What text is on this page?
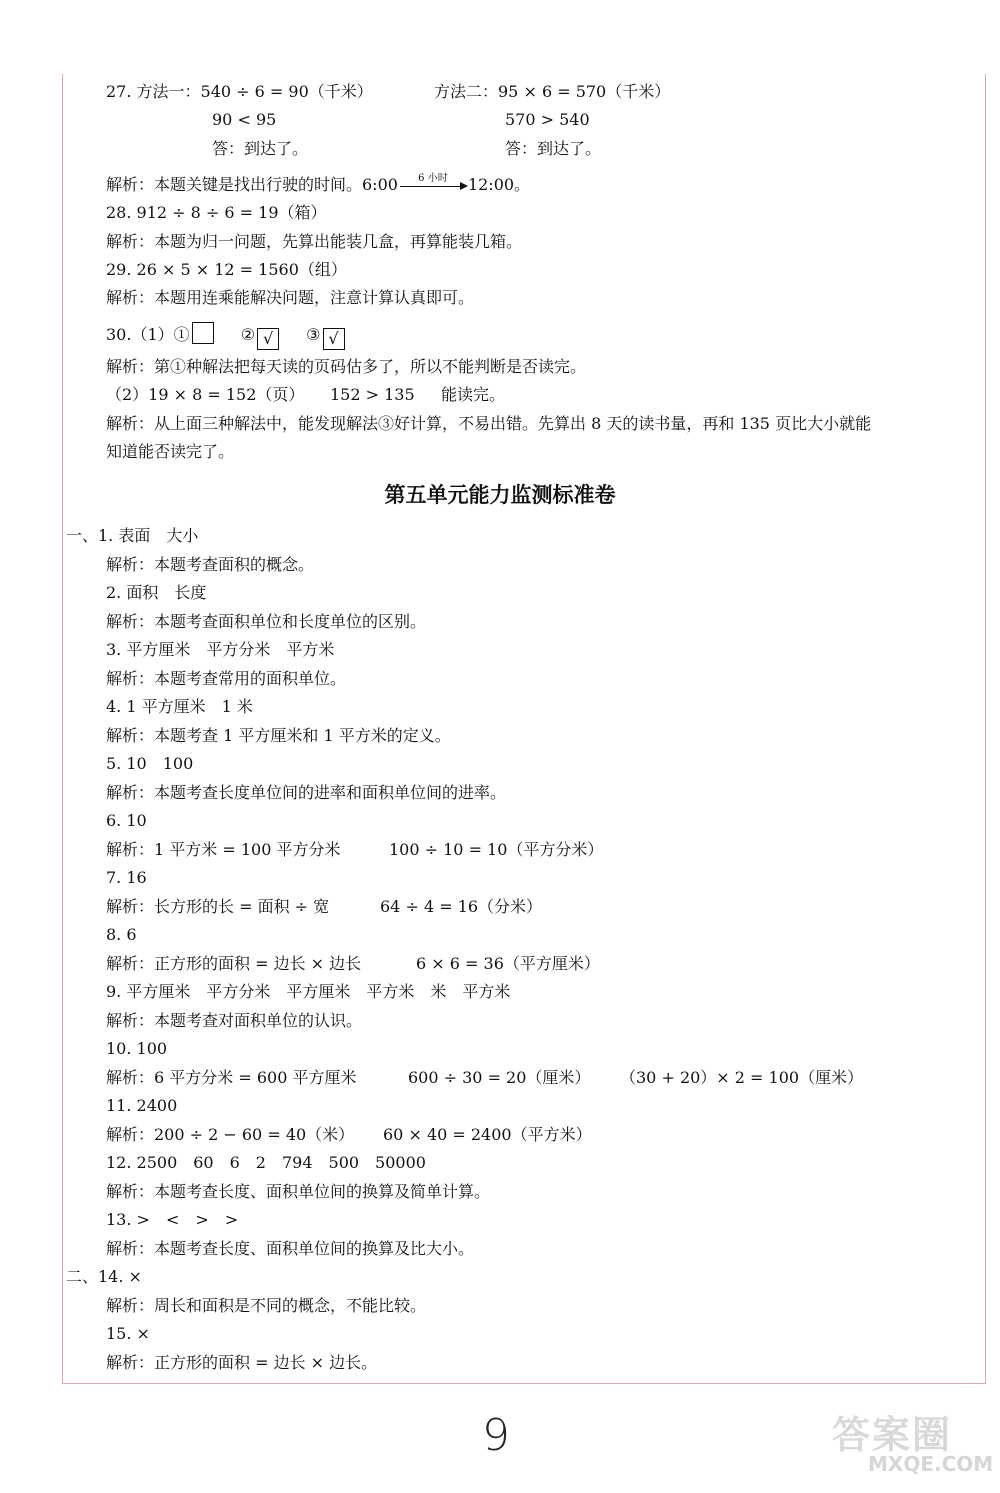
27. 方法一：540 ÷ 6 = 90（千米）	方法二：95 × 6 = 570（千米）
90 < 95	570 > 540
答：到达了。	答：到达了。
解析：本题关键是找出行驶的时间。6:00	6 小时	12:00。
28. 912 ÷ 8 ÷ 6 = 19（箱）
解析：本题为归一问题，先算出能装几盒，再算能装几箱。
29. 26 × 5 × 12 = 1560（组）
解析：本题用连乘能解决问题，注意计算认真即可。
30.（1）①	② √ ③ √
解析：第①种解法把每天读的页码估多了，所以不能判断是否读完。
（2）19 × 8 = 152（页） 152 > 135 能读完。
解析：从上面三种解法中，能发现解法③好计算，不易出错。先算出 8 天的读书量，再和 135 页比大小就能
知道能否读完了。
第五单元能力监测标准卷
一、1. 表面　大小
解析：本题考查面积的概念。
2. 面积　长度
解析：本题考查面积单位和长度单位的区别。
3. 平方厘米　平方分米　平方米
解析：本题考查常用的面积单位。
4. 1 平方厘米　1 米
解析：本题考查 1 平方厘米和 1 平方米的定义。
5. 10　100
解析：本题考查长度单位间的进率和面积单位间的进率。
6. 10
解析：1 平方米 = 100 平方分米	100 ÷ 10 = 10（平方分米）
7. 16
解析：长方形的长 = 面积 ÷ 宽	64 ÷ 4 = 16（分米）
8. 6
解析：正方形的面积 = 边长 × 边长	6 × 6 = 36（平方厘米）
9. 平方厘米　平方分米　平方厘米　平方米　米　平方米
解析：本题考查对面积单位的认识。
10. 100
解析：6 平方分米 = 600 平方厘米	600 ÷ 30 = 20（厘米） （30 + 20）× 2 = 100（厘米）
11. 2400
解析：200 ÷ 2 − 60 = 40（米） 60 × 40 = 2400（平方米）
12. 2500　60　6　2　794　500　50000
解析：本题考查长度、面积单位间的换算及简单计算。
13. >　<　>　>
解析：本题考查长度、面积单位间的换算及比大小。
二、14. ×
解析：周长和面积是不同的概念，不能比较。
15. ×
解析：正方形的面积 = 边长 × 边长。
9	答案圈
MXQE.COM
